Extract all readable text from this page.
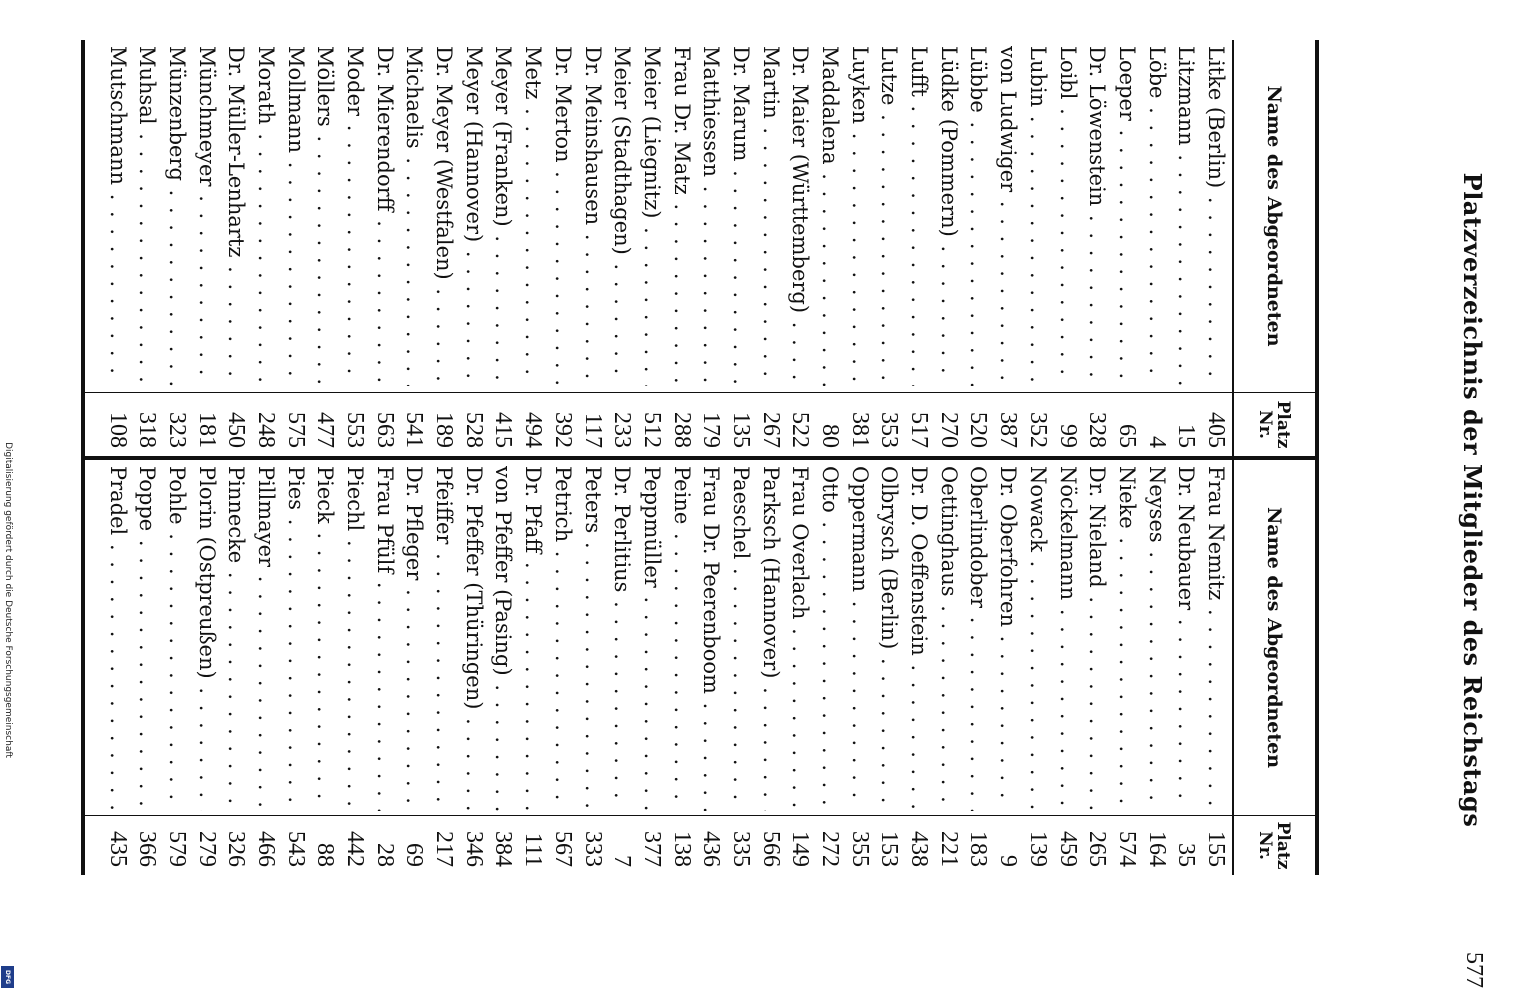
Digitalisierung gefördert durch die Deutsche Forschungsgemeinschaft
DFG
Platzverzeichnis der Mitglieder des Reichstags
577
Name des Abgeordneten
Platz Nr.
Name des Abgeordneten
Platz Nr.
Litke (Berlin) . . .
405
Litzmann . . .
15
Löbe . . .
4
Loeper . . .
65
Dr. Löwenstein . . .
328
Loibl . . .
99
Lubin . . .
352
von Ludwiger . . .
387
Lübbe . . .
520
Lüdke (Pommern) . . .
270
Lufft . . .
517
Lutze . . .
353
Luyken . . .
381
Maddalena . . .
80
Dr. Maier (Württemberg) . . .
522
Martin . . .
267
Dr. Marum . . .
135
Matthiessen . . .
179
Frau Dr. Matz . . .
288
Meier (Liegnitz) . . .
512
Meier (Stadthagen) . . .
233
Dr. Meinshausen . . .
117
Dr. Merton . . .
392
Metz . . .
494
Meyer (Franken) . . .
415
Meyer (Hannover) . . .
528
Dr. Meyer (Westfalen) . . .
189
Michaelis . . .
541
Dr. Mierendorff . . .
563
Moder . . .
553
Möllers . . .
477
Mollmann . . .
575
Morath . . .
248
Dr. Müller-Lenhartz . . .
450
Münchmeyer . . .
181
Münzenberg . . .
323
Muhsal . . .
318
Mutschmann . . .
108
Frau Nemitz . . .
155
Dr. Neubauer . . .
35
Neyses . . .
164
Nieke . . .
574
Dr. Nieland . . .
265
Nöckelmann . . .
459
Nowack . . .
139
Dr. Oberfohren . . .
9
Oberlindober . . .
183
Oettinghaus . . .
221
Dr. D. Oeffenstein . . .
438
Olbrysch (Berlin) . . .
153
Oppermann . . .
355
Otto . . .
272
Frau Overlach . . .
149
Parksch (Hannover) . . .
566
Paeschel . . .
335
Frau Dr. Peerenboom . . .
436
Peine . . .
138
Peppmüller . . .
377
Dr. Perlitius . . .
7
Peters . . .
333
Petrich . . .
567
Dr. Pfaff . . .
111
von Pfeffer (Pasing) . . .
384
Dr. Pfeffer (Thüringen) . . .
346
Pfeiffer . . .
217
Dr. Pfleger . . .
69
Frau Pfülf . . .
28
Piechl . . .
442
Pieck . . .
88
Pies . . .
543
Pillmayer . . .
466
Pinnecke . . .
326
Plorin (Ostpreußen) . . .
279
Pohle . . .
579
Poppe . . .
366
Pradel . . .
435
